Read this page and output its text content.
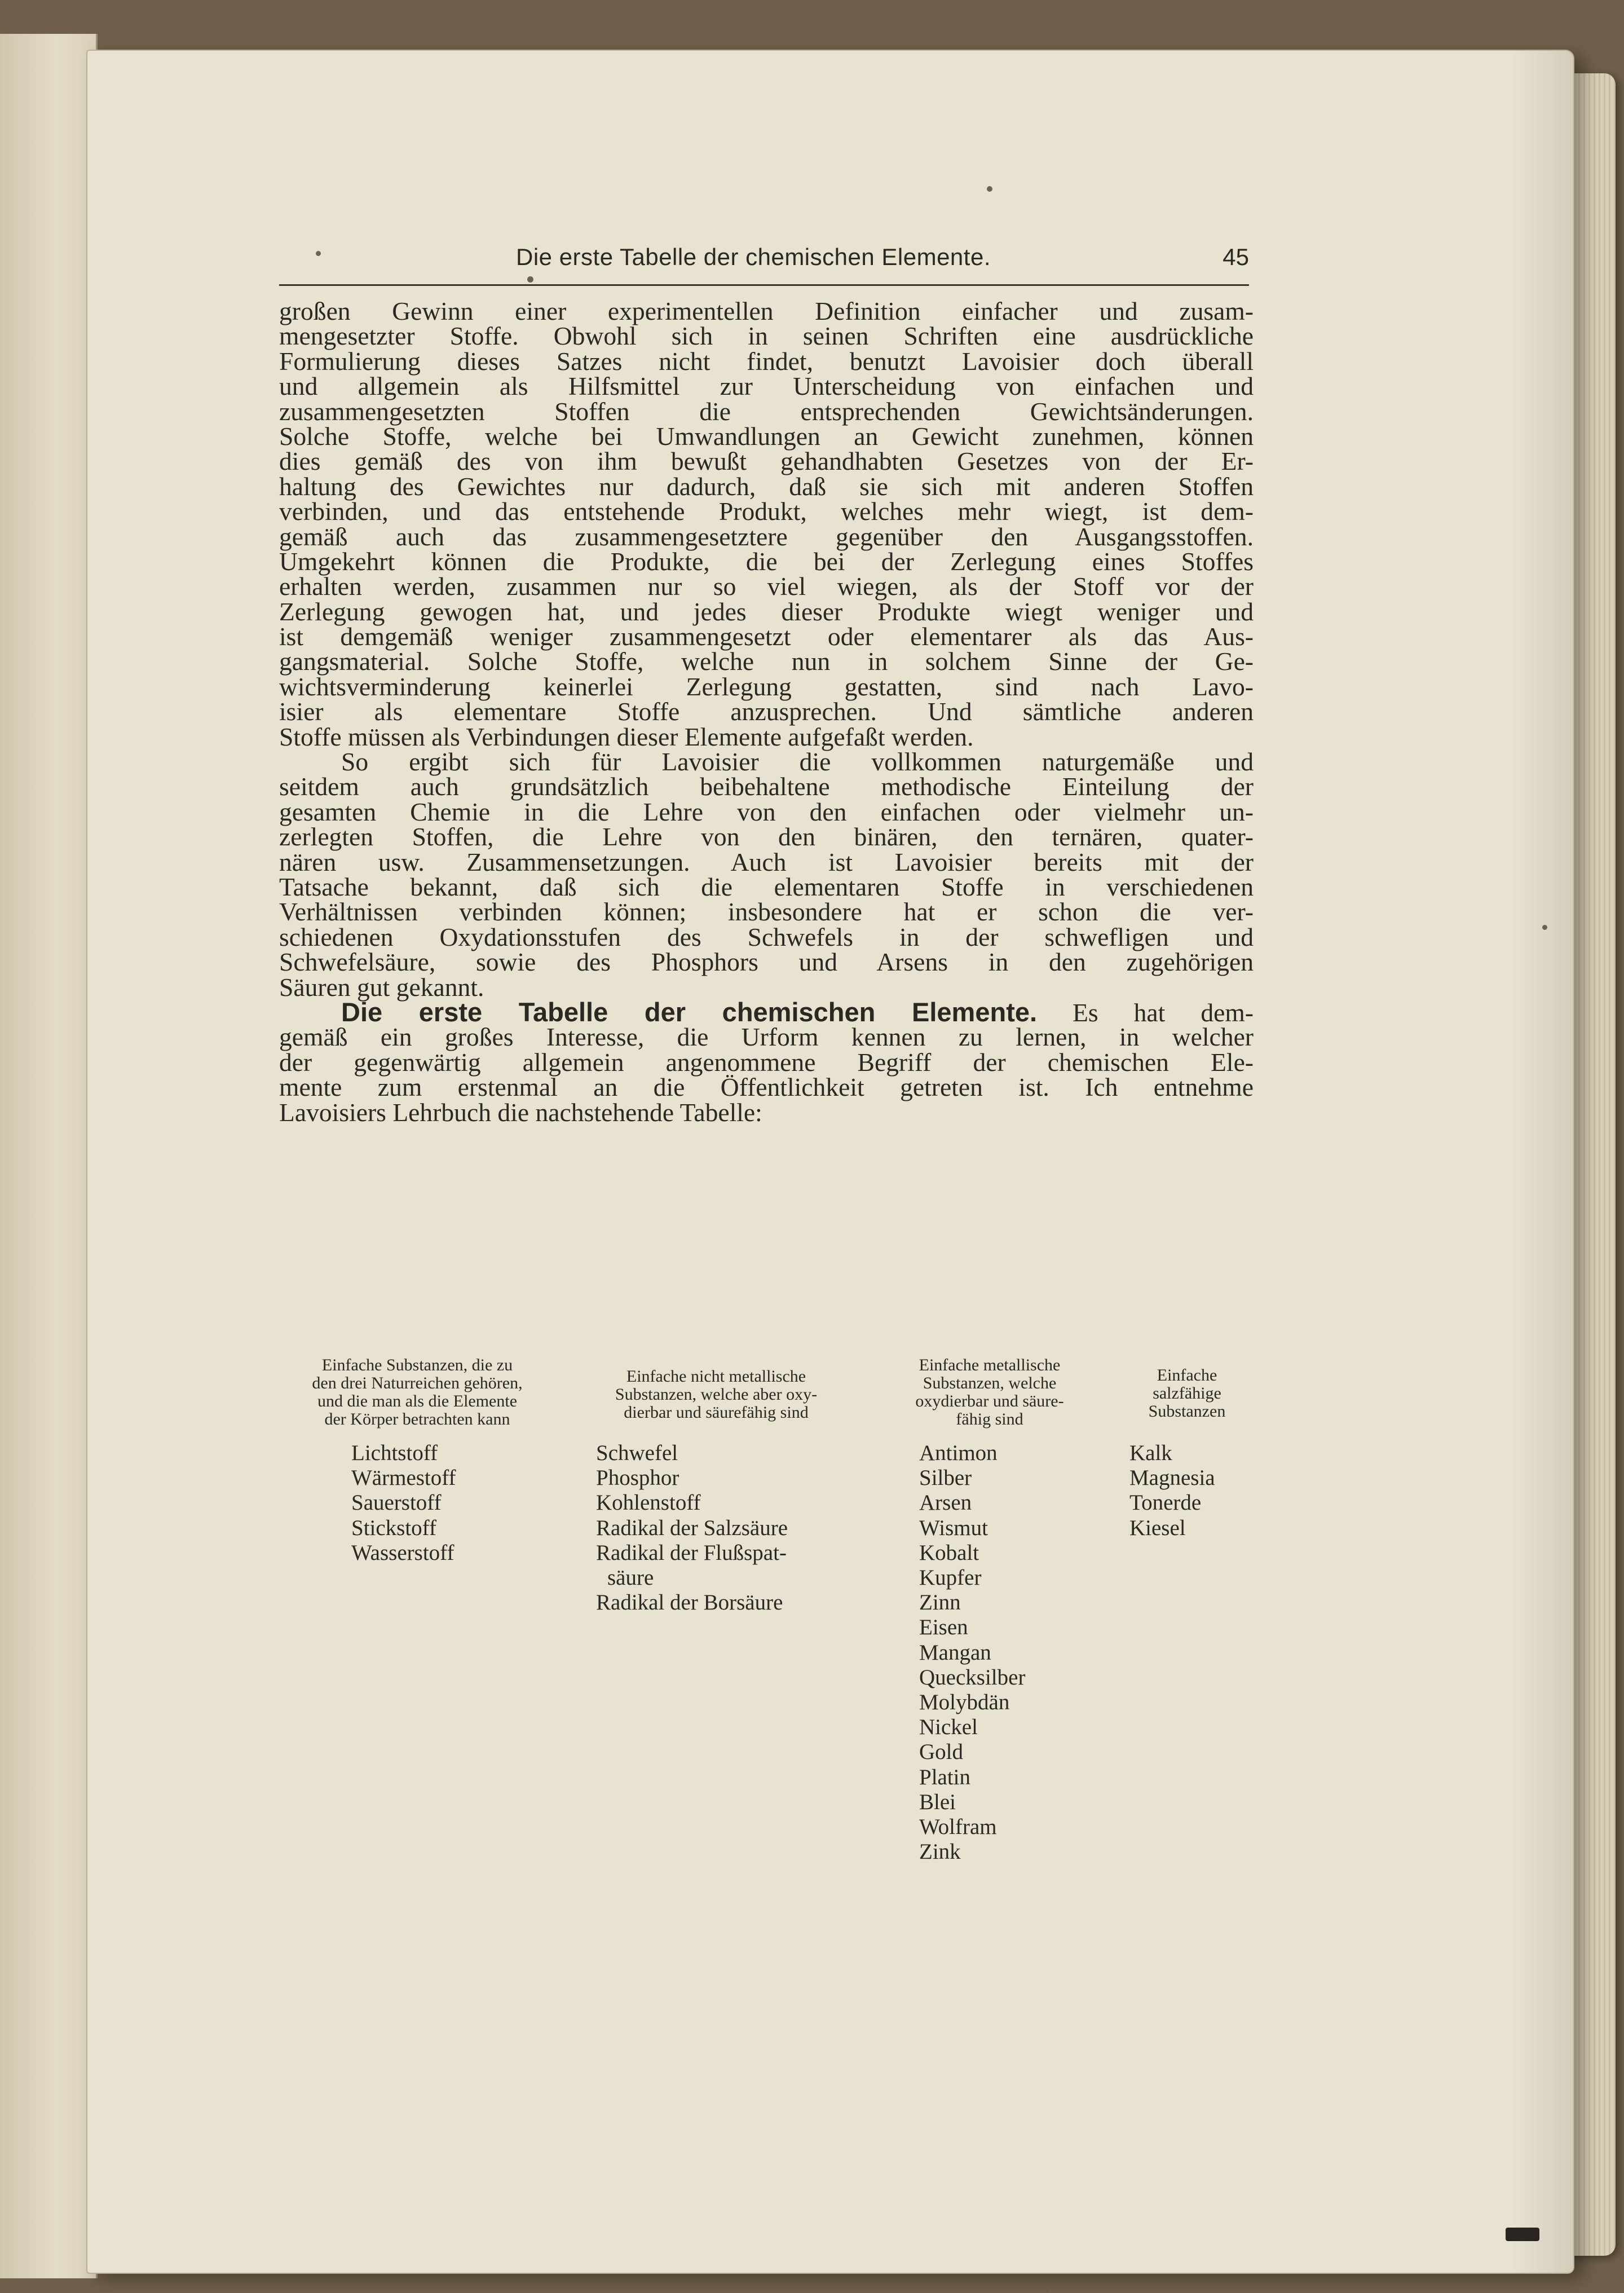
Die erste Tabelle der chemischen Elemente.	45
großen Gewinn einer experimentellen Definition einfacher und zusam-
mengesetzter Stoffe. Obwohl sich in seinen Schriften eine ausdrückliche
Formulierung dieses Satzes nicht findet, benutzt Lavoisier doch überall
und allgemein als Hilfsmittel zur Unterscheidung von einfachen und
zusammengesetzten Stoffen die entsprechenden Gewichtsänderungen.
Solche Stoffe, welche bei Umwandlungen an Gewicht zunehmen, können
dies gemäß des von ihm bewußt gehandhabten Gesetzes von der Er-
haltung des Gewichtes nur dadurch, daß sie sich mit anderen Stoffen
verbinden, und das entstehende Produkt, welches mehr wiegt, ist dem-
gemäß auch das zusammengesetztere gegenüber den Ausgangsstoffen.
Umgekehrt können die Produkte, die bei der Zerlegung eines Stoffes
erhalten werden, zusammen nur so viel wiegen, als der Stoff vor der
Zerlegung gewogen hat, und jedes dieser Produkte wiegt weniger und
ist demgemäß weniger zusammengesetzt oder elementarer als das Aus-
gangsmaterial. Solche Stoffe, welche nun in solchem Sinne der Ge-
wichtsverminderung keinerlei Zerlegung gestatten, sind nach Lavo-
isier als elementare Stoffe anzusprechen. Und sämtliche anderen
Stoffe müssen als Verbindungen dieser Elemente aufgefaßt werden.
So ergibt sich für Lavoisier die vollkommen naturgemäße und
seitdem auch grundsätzlich beibehaltene methodische Einteilung der
gesamten Chemie in die Lehre von den einfachen oder vielmehr un-
zerlegten Stoffen, die Lehre von den binären, den ternären, quater-
nären usw. Zusammensetzungen. Auch ist Lavoisier bereits mit der
Tatsache bekannt, daß sich die elementaren Stoffe in verschiedenen
Verhältnissen verbinden können; insbesondere hat er schon die ver-
schiedenen Oxydationsstufen des Schwefels in der schwefligen und
Schwefelsäure, sowie des Phosphors und Arsens in den zugehörigen
Säuren gut gekannt.
Die erste Tabelle der chemischen Elemente. Es hat dem-
gemäß ein großes Interesse, die Urform kennen zu lernen, in welcher
der gegenwärtig allgemein angenommene Begriff der chemischen Ele-
mente zum erstenmal an die Öffentlichkeit getreten ist. Ich entnehme
Lavoisiers Lehrbuch die nachstehende Tabelle:
Einfache Substanzen, die zu
den drei Naturreichen gehören,
und die man als die Elemente
der Körper betrachten kann
Lichtstoff
Wärmestoff
Sauerstoff
Stickstoff
Wasserstoff
Einfache nicht metallische
Substanzen, welche aber oxy-
dierbar und säurefähig sind
Schwefel
Phosphor
Kohlenstoff
Radikal der Salzsäure
Radikal der Flußspat-
säure
Radikal der Borsäure
Einfache metallische
Substanzen, welche
oxydierbar und säure-
fähig sind
Antimon
Silber
Arsen
Wismut
Kobalt
Kupfer
Zinn
Eisen
Mangan
Quecksilber
Molybdän
Nickel
Gold
Platin
Blei
Wolfram
Zink
Einfache
salzfähige
Substanzen
Kalk
Magnesia
Tonerde
Kiesel
